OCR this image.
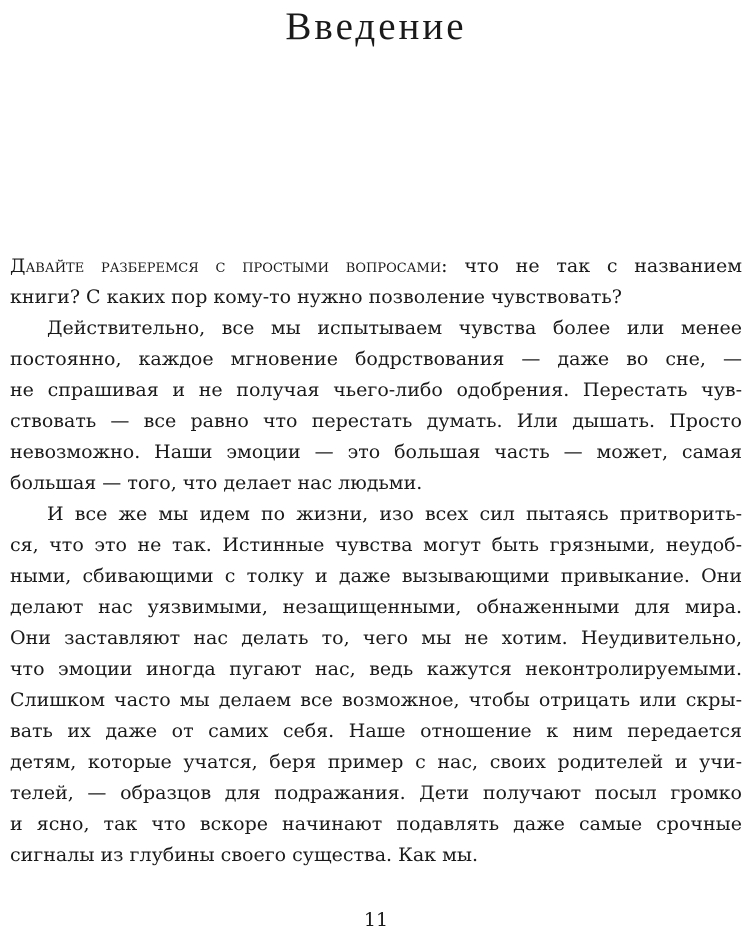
Введение
Давайте разберемся с простыми вопросами: что не так с названием
книги? С каких пор кому-то нужно позволение чувствовать?
Действительно, все мы испытываем чувства более или менее
постоянно, каждое мгновение бодрствования — даже во сне, —
не спрашивая и не получая чьего-либо одобрения. Перестать чув-
ствовать — все равно что перестать думать. Или дышать. Просто
невозможно. Наши эмоции — это большая часть — может, самая
большая — того, что делает нас людьми.
И все же мы идем по жизни, изо всех сил пытаясь притворить-
ся, что это не так. Истинные чувства могут быть грязными, неудоб-
ными, сбивающими с толку и даже вызывающими привыкание. Они
делают нас уязвимыми, незащищенными, обнаженными для мира.
Они заставляют нас делать то, чего мы не хотим. Неудивительно,
что эмоции иногда пугают нас, ведь кажутся неконтролируемыми.
Слишком часто мы делаем все возможное, чтобы отрицать или скры-
вать их даже от самих себя. Наше отношение к ним передается
детям, которые учатся, беря пример с нас, своих родителей и учи-
телей, — образцов для подражания. Дети получают посыл громко
и ясно, так что вскоре начинают подавлять даже самые срочные
сигналы из глубины своего существа. Как мы.
11
